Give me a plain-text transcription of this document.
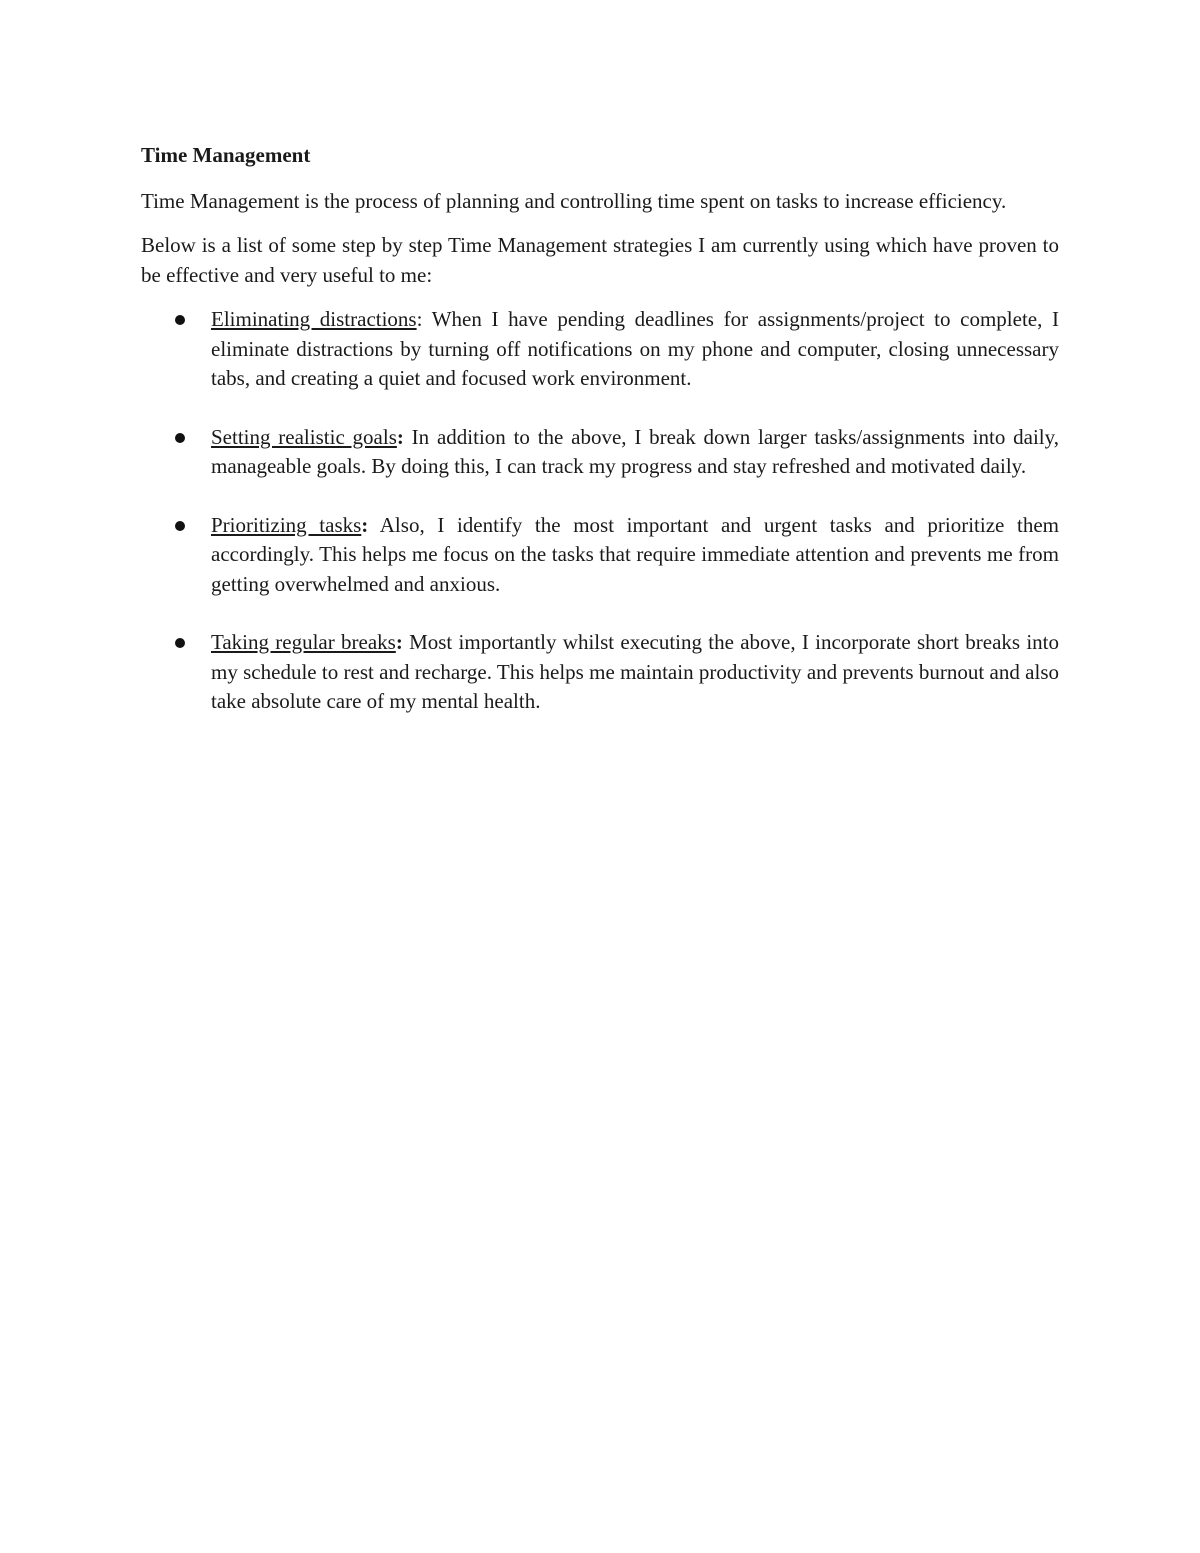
Time Management

Time Management is the process of planning and controlling time spent on tasks to increase efficiency.

Below is a list of some step by step Time Management strategies I am currently using which have proven to be effective and very useful to me:

Eliminating distractions: When I have pending deadlines for assignments/project to complete, I eliminate distractions by turning off notifications on my phone and computer, closing unnecessary tabs, and creating a quiet and focused work environment.
Setting realistic goals: In addition to the above, I break down larger tasks/assignments into daily, manageable goals. By doing this, I can track my progress and stay refreshed and motivated daily.
Prioritizing tasks: Also, I identify the most important and urgent tasks and prioritize them accordingly. This helps me focus on the tasks that require immediate attention and prevents me from getting overwhelmed and anxious.
Taking regular breaks: Most importantly whilst executing the above, I incorporate short breaks into my schedule to rest and recharge. This helps me maintain productivity and prevents burnout and also take absolute care of my mental health.
